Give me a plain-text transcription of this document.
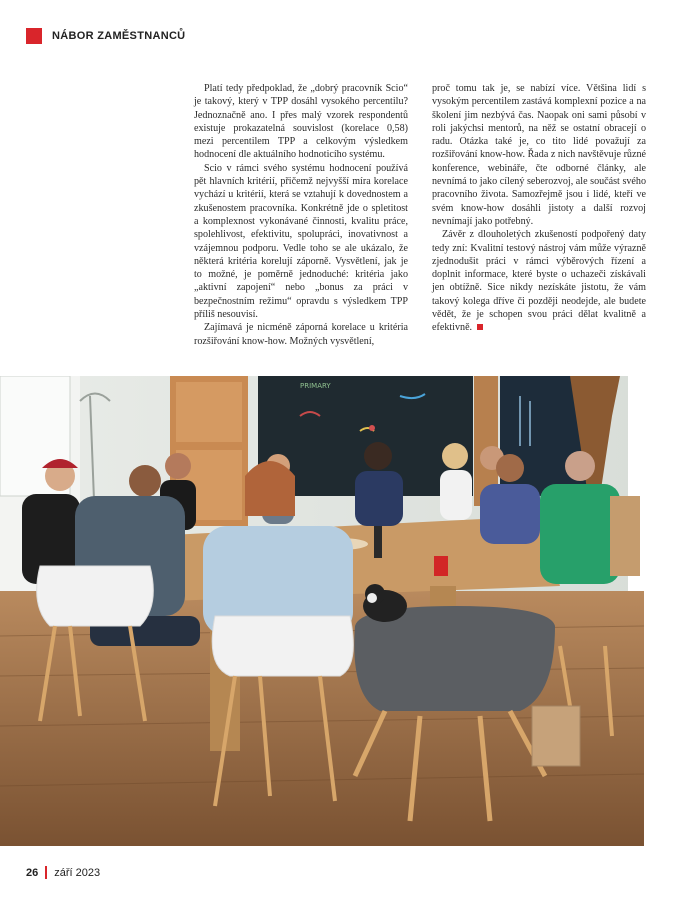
NÁBOR ZAMĚSTNANCŮ

Platí tedy předpoklad, že „dobrý pracovník Scio“ je takový, který v TPP dosáhl vysokého percentilu? Jednoznačně ano. I přes malý vzorek respondentů existuje prokazatelná souvislost (korelace 0,58) mezi percentilem TPP a celkovým výsledkem hodnocení dle aktuálního hodnoticího systému.

Scio v rámci svého systému hodnocení používá pět hlavních kritérií, přičemž nejvyšší míra korelace vychází u kritérií, která se vztahují k dovednostem a zkušenostem pracovníka. Konkrétně jde o spletitost a komplexnost vykonávané činnosti, kvalitu práce, spolehlivost, efektivitu, spolupráci, inovativnost a vzájemnou podporu. Vedle toho se ale ukázalo, že některá kritéria korelují záporně. Vysvětlení, jak je to možné, je poměrně jednoduché: kritéria jako „aktivní zapojení“ nebo „bonus za práci v bezpečnostním režimu“ opravdu s výsledkem TPP příliš nesouvisí.

Zajímavá je nicméně záporná korelace u kritéria rozšiřování know-how. Možných vysvětlení,

proč tomu tak je, se nabízí více. Většina lidí s vysokým percentilem zastává komplexní pozice a na školení jim nezbývá čas. Naopak oni sami působí v roli jakýchsi mentorů, na něž se ostatní obracejí o radu. Otázka také je, co tito lidé považují za rozšiřování know-how. Řada z nich navštěvuje různé konference, webináře, čte odborné články, ale nevnímá to jako cílený seberozvoj, ale součást svého pracovního života. Samozřejmě jsou i lidé, kteří ve svém know-how dosáhli jistoty a další rozvoj nevnímají jako potřebný.

Závěr z dlouholetých zkušeností podpořený daty tedy zní: Kvalitní testový nástroj vám může výrazně zjednodušit práci v rámci výběrových řízení a doplnit informace, které byste o uchazeči získávali jen obtížně. Sice nikdy nezískáte jistotu, že vám takový kolega dříve či později neodejde, ale budete vědět, že je schopen svou práci dělat kvalitně a efektivně.

PRIMARY
26 září 2023
